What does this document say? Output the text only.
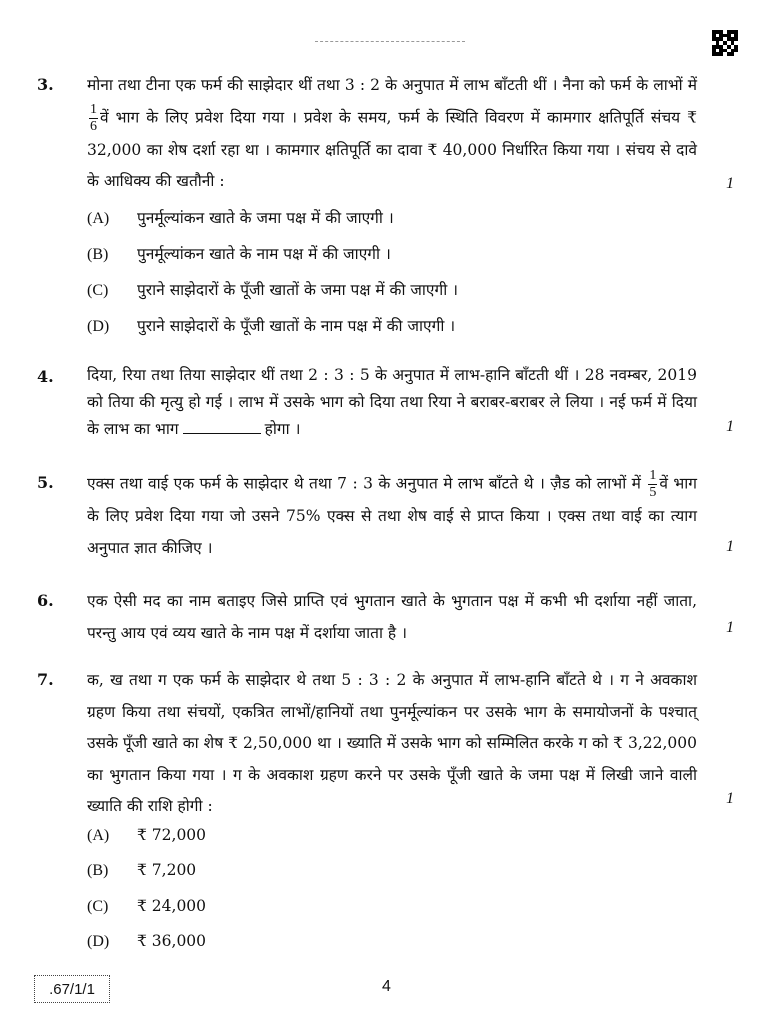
3. मोना तथा टीना एक फर्म की साझेदार थीं तथा 3 : 2 के अनुपात में लाभ बाँटती थीं । नैना को फर्म के लाभों में
$\frac{1}{6}$ वें भाग के लिए प्रवेश दिया गया । प्रवेश के समय, फर्म के स्थिति विवरण में कामगार क्षतिपूर्ति संचय ₹ 32,000 का शेष दर्शा रहा था । कामगार क्षतिपूर्ति का दावा ₹ 40,000 निर्धारित किया गया । संचय से दावे के आधिक्य की खतौनी :	1
(A) पुनर्मूल्यांकन खाते के जमा पक्ष में की जाएगी ।
(B) पुनर्मूल्यांकन खाते के नाम पक्ष में की जाएगी ।
(C) पुराने साझेदारों के पूँजी खातों के जमा पक्ष में की जाएगी ।
(D) पुराने साझेदारों के पूँजी खातों के नाम पक्ष में की जाएगी ।
4. दिया, रिया तथा तिया साझेदार थीं तथा 2 : 3 : 5 के अनुपात में लाभ-हानि बाँटती थीं । 28 नवम्बर, 2019 को तिया की मृत्यु हो गई । लाभ में उसके भाग को दिया तथा रिया ने बराबर-बराबर ले लिया । नई फर्म में दिया के लाभ का भाग	होगा ।	1
5. एक्स तथा वाई एक फर्म के साझेदार थे तथा 7 : 3 के अनुपात मे लाभ बाँटते थे । ज़ैड को लाभों में $\frac{1}{5}$ वें भाग के लिए प्रवेश दिया गया जो उसने 75% एक्स से तथा शेष वाई से प्राप्त किया । एक्स तथा वाई का त्याग अनुपात ज्ञात कीजिए ।	1
6. एक ऐसी मद का नाम बताइए जिसे प्राप्ति एवं भुगतान खाते के भुगतान पक्ष में कभी भी दर्शाया नहीं जाता, परन्तु आय एवं व्यय खाते के नाम पक्ष में दर्शाया जाता है ।	1
7. क, ख तथा ग एक फर्म के साझेदार थे तथा 5 : 3 : 2 के अनुपात में लाभ-हानि बाँटते थे । ग ने अवकाश ग्रहण किया तथा संचयों, एकत्रित लाभों/हानियों तथा पुनर्मूल्यांकन पर उसके भाग के समायोजनों के पश्चात् उसके पूँजी खाते का शेष ₹ 2,50,000 था । ख्याति में उसके भाग को सम्मिलित करके ग को ₹ 3,22,000 का भुगतान किया गया । ग के अवकाश ग्रहण करने पर उसके पूँजी खाते के जमा पक्ष में लिखी जाने वाली ख्याति की राशि होगी :	1
(A) ₹ 72,000
(B) ₹ 7,200
(C) ₹ 24,000
(D) ₹ 36,000
.67/1/1	4
